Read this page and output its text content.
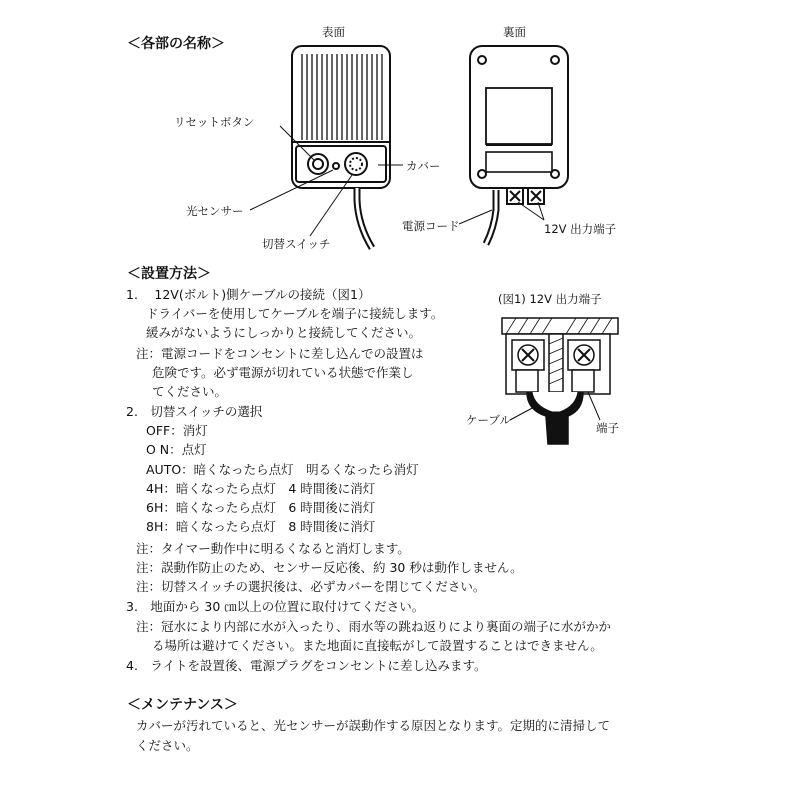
＜各部の名称＞
表面	裏面
リセットボタン
カバー
光センサー
電源コード	12V 出力端子
切替スイッチ
＜設置方法＞
(図1) 12V 出力端子
ケーブル
端子
1.　 12V(ボルト)側ケーブルの接続（図1）
ドライバーを使用してケーブルを端子に接続します。
緩みがないようにしっかりと接続してください。
注：電源コードをコンセントに差し込んでの設置は
危険です。必ず電源が切れている状態で作業し
てください。
2.　切替スイッチの選択
OFF：消灯
O N：点灯
AUTO：暗くなったら点灯　明るくなったら消灯
4H：暗くなったら点灯　4 時間後に消灯
6H：暗くなったら点灯　6 時間後に消灯
8H：暗くなったら点灯　8 時間後に消灯
注：タイマー動作中に明るくなると消灯します。
注：誤動作防止のため、センサー反応後、約 30 秒は動作しません。
注：切替スイッチの選択後は、必ずカバーを閉じてください。
3.　地面から 30 ㎝以上の位置に取付けてください。
注：冠水により内部に水が入ったり、雨水等の跳ね返りにより裏面の端子に水がかか
る場所は避けてください。また地面に直接転がして設置することはできません。
4.　ライトを設置後、電源プラグをコンセントに差し込みます。
＜メンテナンス＞
カバーが汚れていると、光センサーが誤動作する原因となります。定期的に清掃して
ください。
